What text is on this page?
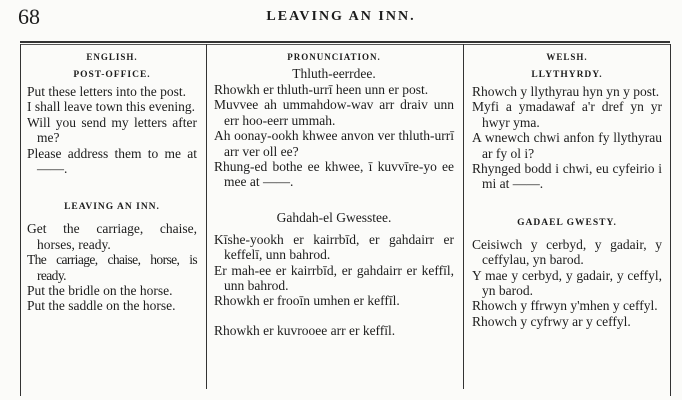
68	LEAVING AN INN.
ENGLISH.
POST-OFFICE.
Put these letters into the post.
I shall leave town this evening.
Will you send my letters after me?
Please address them to me at ——.
LEAVING AN INN.
Get the carriage, chaise, horses, ready.
The carriage, chaise, horse, is ready.
Put the bridle on the horse.
Put the saddle on the horse.
PRONUNCIATION.
Thluth-eerrdee.
Rhowkh er thluth-urrī heen unn er post.
Muvvee ah ummahdow-wav arr draiv unn err hoo-eerr ummah.
Ah oonay-ookh khwee anvon ver thluth-urrī arr ver oll ee?
Rhung-ed bothe ee khwee, ī kuvvīre-yo ee mee at ——.
Gahdah-el Gwesstee.
Kīshe-yookh er kairrbīd, er gahdairr er keffelī, unn bahrod.
Er mah-ee er kairrbīd, er gahdairr er keffīl, unn bahrod.
Rhowkh er frooīn umhen er keffīl.
Rhowkh er kuvrooee arr er keffīl.
WELSH.
LLYTHYRDY.
Rhowch y llythyrau hyn yn y post.
Myfi a ymadawaf a'r dref yn yr hwyr yma.
A wnewch chwi anfon fy llythyrau ar fy ol i?
Rhynged bodd i chwi, eu cyfeirio i mi at ——.
GADAEL GWESTY.
Ceisiwch y cerbyd, y gadair, y ceffylau, yn barod.
Y mae y cerbyd, y gadair, y ceffyl, yn barod.
Rhowch y ffrwyn y'mhen y ceffyl.
Rhowch y cyfrwy ar y ceffyl.
